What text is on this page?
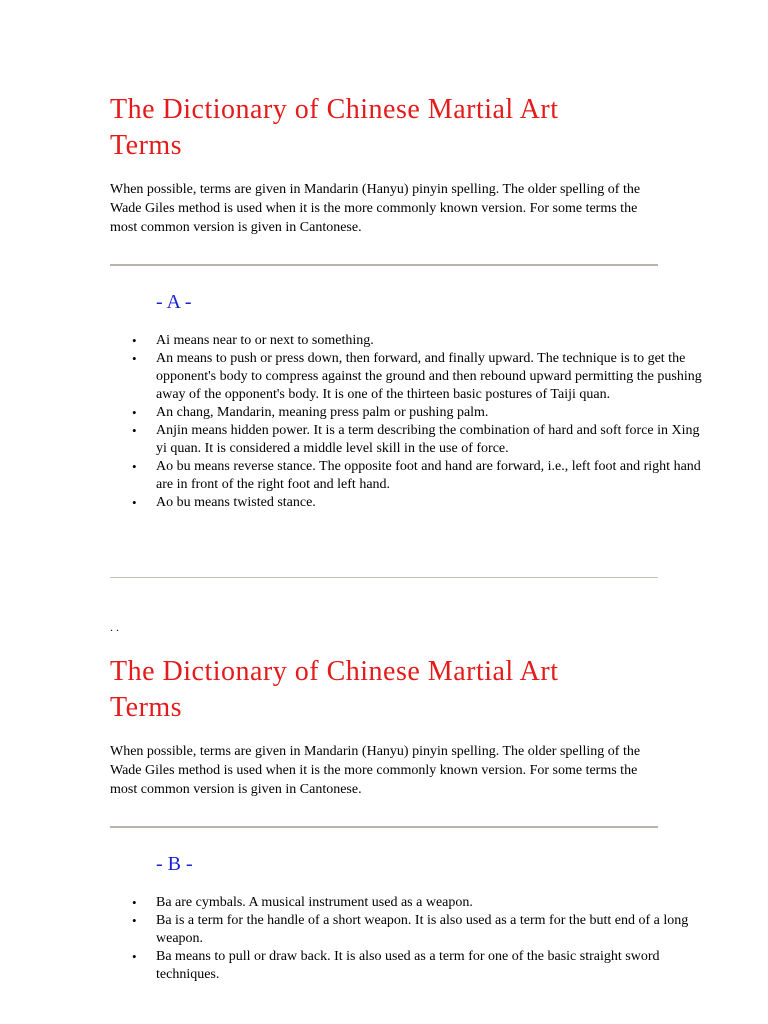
The Dictionary of Chinese Martial Art
Terms

When possible, terms are given in Mandarin (Hanyu) pinyin spelling. The older spelling of the Wade Giles method is used when it is the more commonly known version. For some terms the most common version is given in Cantonese.

- A -

• Ai means near to or next to something.
• An means to push or press down, then forward, and finally upward. The technique is to get the opponent's body to compress against the ground and then rebound upward permitting the pushing away of the opponent's body. It is one of the thirteen basic postures of Taiji quan.
• An chang, Mandarin, meaning press palm or pushing palm.
• Anjin means hidden power. It is a term describing the combination of hard and soft force in Xing yi quan. It is considered a middle level skill in the use of force.
• Ao bu means reverse stance. The opposite foot and hand are forward, i.e., left foot and right hand are in front of the right foot and left hand.
• Ao bu means twisted stance.

. .

The Dictionary of Chinese Martial Art
Terms

When possible, terms are given in Mandarin (Hanyu) pinyin spelling. The older spelling of the Wade Giles method is used when it is the more commonly known version. For some terms the most common version is given in Cantonese.

- B -

• Ba are cymbals. A musical instrument used as a weapon.
• Ba is a term for the handle of a short weapon. It is also used as a term for the butt end of a long weapon.
• Ba means to pull or draw back. It is also used as a term for one of the basic straight sword techniques.
